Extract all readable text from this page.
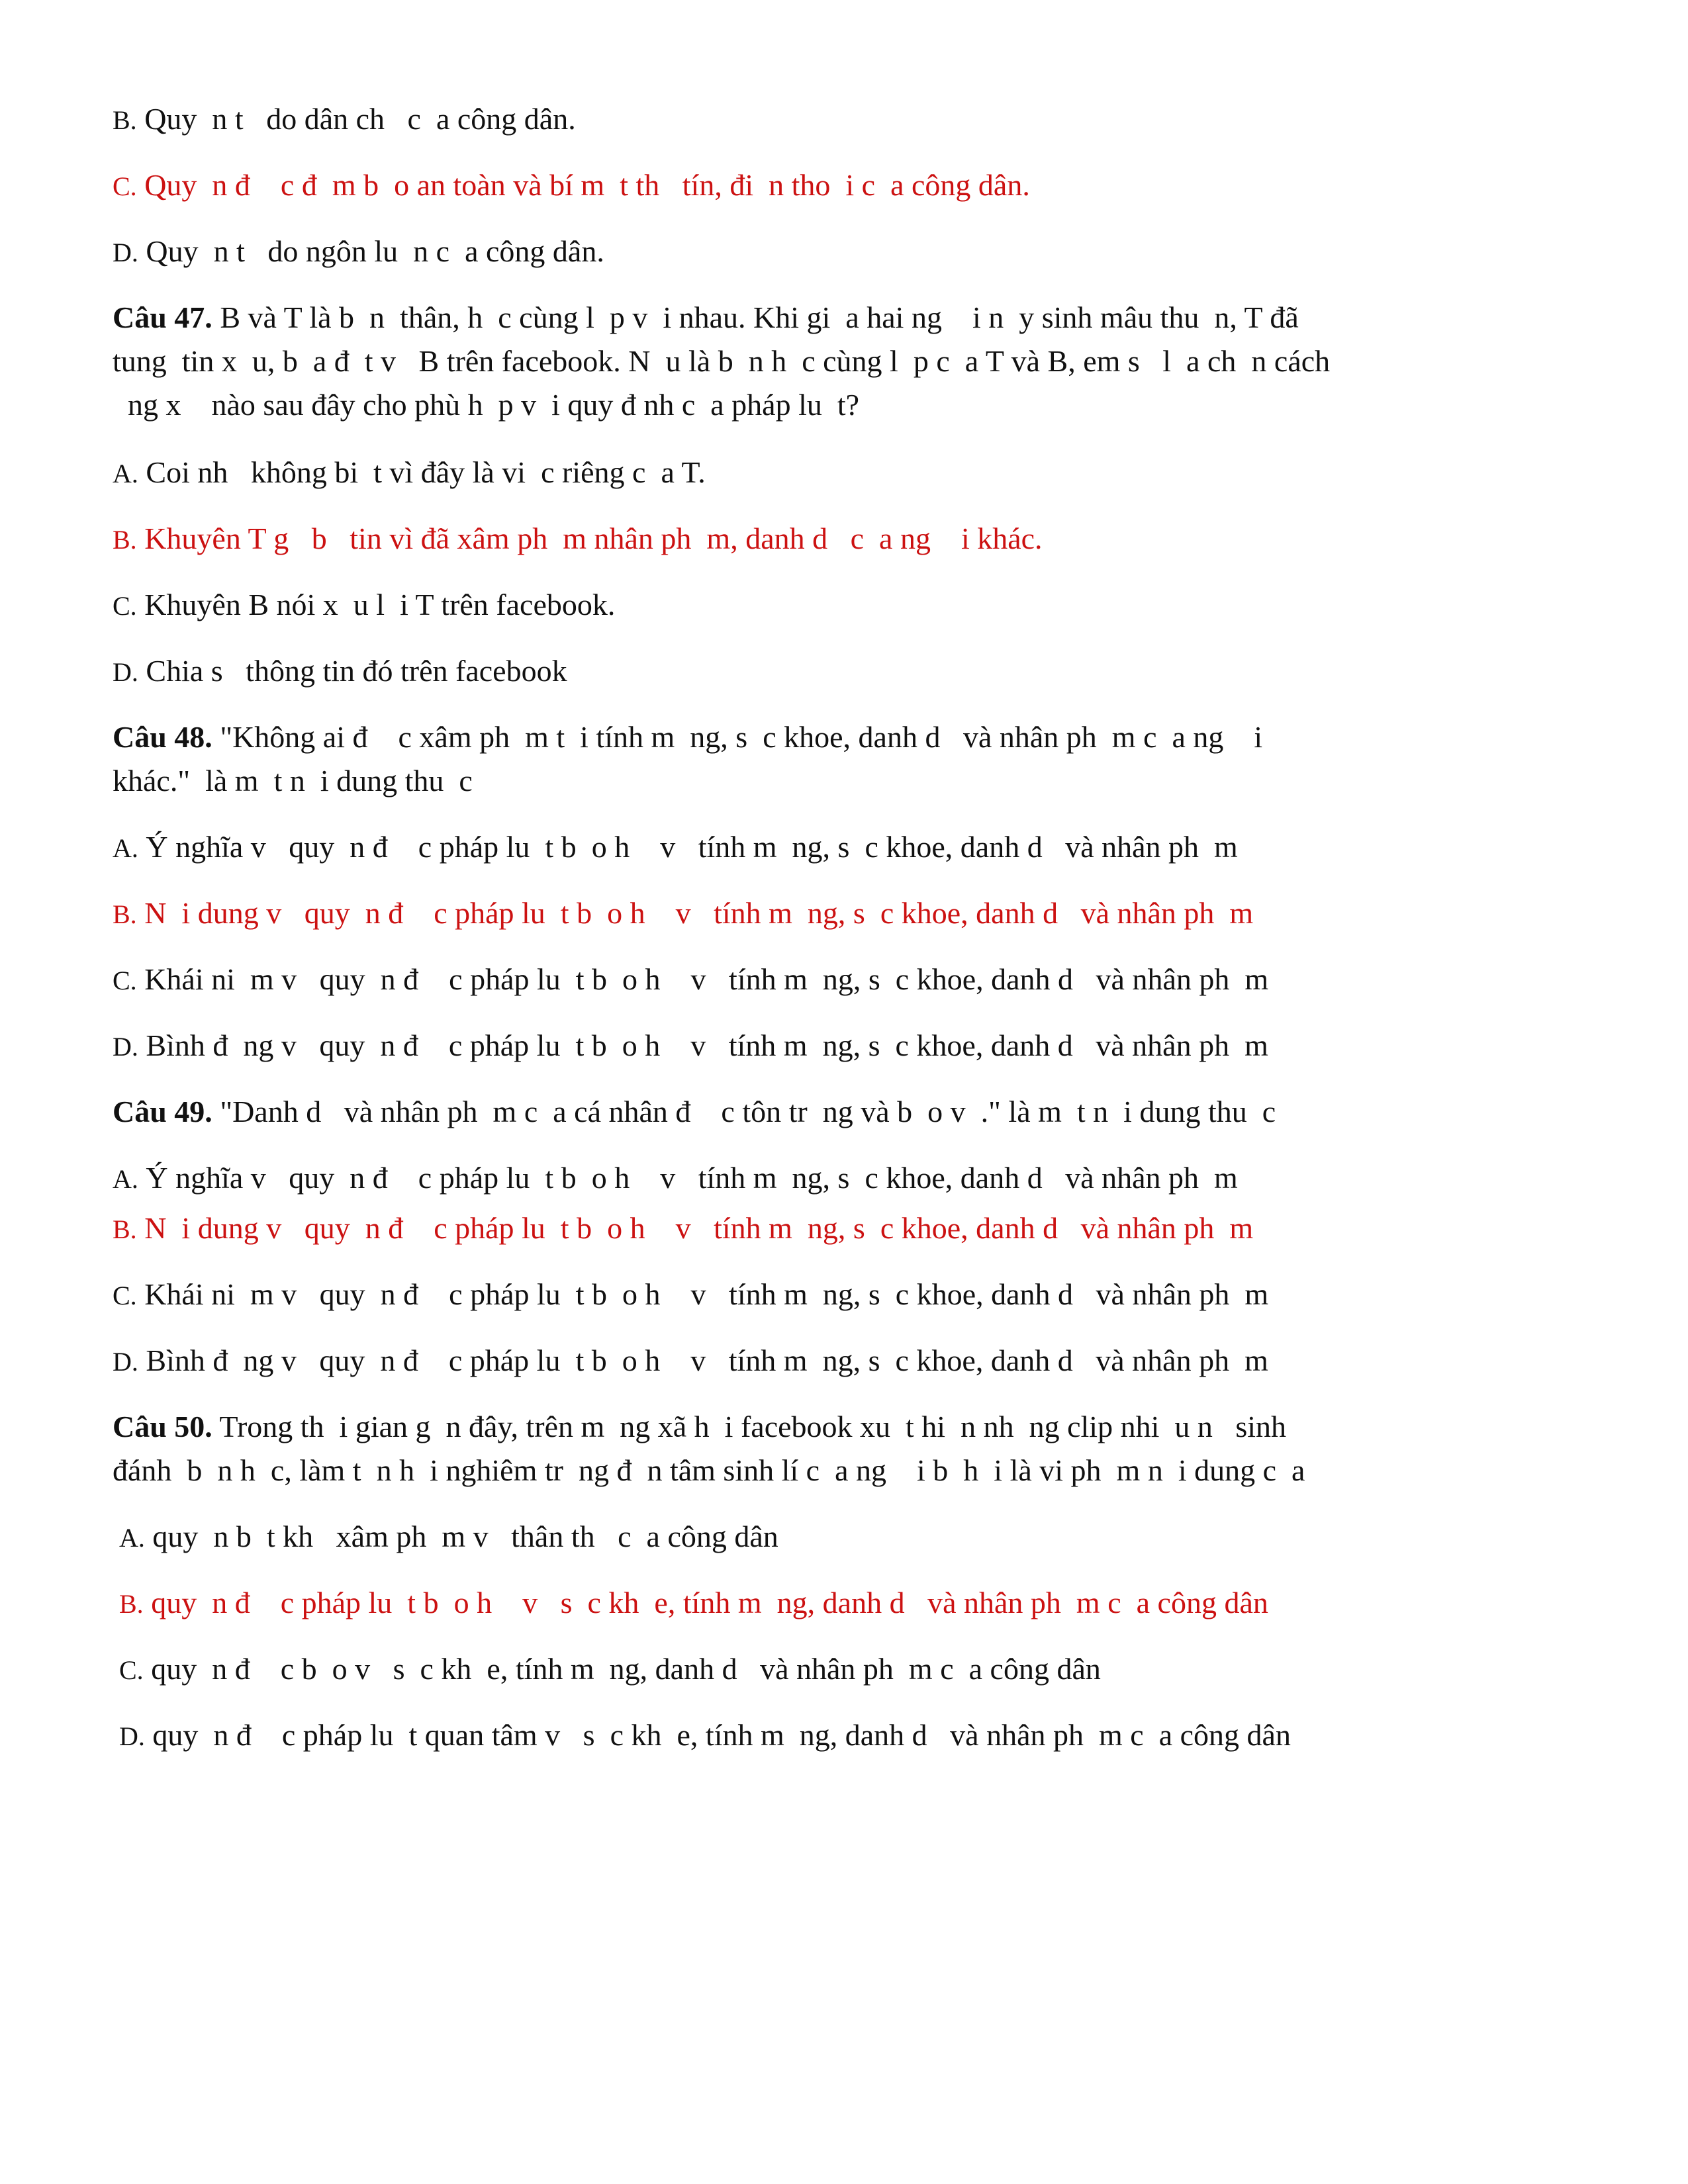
B. Quy  n t   do dân ch   c  a công dân.
C. Quy  n đ    c đ  m b  o an toàn và bí m  t th   tín, đi  n tho  i c  a công dân.
D. Quy  n t   do ngôn lu  n c  a công dân.
Câu 47. B và T là b  n  thân, h  c cùng l  p v  i nhau. Khi gi  a hai ng    i n  y sinh mâu thu  n, T đã
tung  tin x  u, b  a đ  t v   B trên facebook. N  u là b  n h  c cùng l  p c  a T và B, em s   l  a ch  n cách
ng x    nào sau đây cho phù h  p v  i quy đ nh c  a pháp lu  t?
A. Coi nh   không bi  t vì đây là vi  c riêng c  a T.
B. Khuyên T g   b   tin vì đã xâm ph  m nhân ph  m, danh d   c  a ng    i khác.
C. Khuyên B nói x  u l  i T trên facebook.
D. Chia s   thông tin đó trên facebook
Câu 48. "Không ai đ    c xâm ph  m t  i tính m  ng, s  c khoe, danh d   và nhân ph  m c  a ng    i
khác."  là m  t n  i dung thu  c
A. Ý nghĩa v   quy  n đ    c pháp lu  t b  o h    v   tính m  ng, s  c khoe, danh d   và nhân ph  m
B. N  i dung v   quy  n đ    c pháp lu  t b  o h    v   tính m  ng, s  c khoe, danh d   và nhân ph  m
C. Khái ni  m v   quy  n đ    c pháp lu  t b  o h    v   tính m  ng, s  c khoe, danh d   và nhân ph  m
D. Bình đ  ng v   quy  n đ    c pháp lu  t b  o h    v   tính m  ng, s  c khoe, danh d   và nhân ph  m
Câu 49. "Danh d   và nhân ph  m c  a cá nhân đ    c tôn tr  ng và b  o v  ." là m  t n  i dung thu  c
A. Ý nghĩa v   quy  n đ    c pháp lu  t b  o h    v   tính m  ng, s  c khoe, danh d   và nhân ph  m
B. N  i dung v   quy  n đ    c pháp lu  t b  o h    v   tính m  ng, s  c khoe, danh d   và nhân ph  m
C. Khái ni  m v   quy  n đ    c pháp lu  t b  o h    v   tính m  ng, s  c khoe, danh d   và nhân ph  m
D. Bình đ  ng v   quy  n đ    c pháp lu  t b  o h    v   tính m  ng, s  c khoe, danh d   và nhân ph  m
Câu 50. Trong th  i gian g  n đây, trên m  ng xã h  i facebook xu  t hi  n nh  ng clip nhi  u n   sinh
đánh  b  n h  c, làm t  n h  i nghiêm tr  ng đ  n tâm sinh lí c  a ng    i b  h  i là vi ph  m n  i dung c  a
A. quy  n b  t kh   xâm ph  m v   thân th   c  a công dân
B. quy  n đ    c pháp lu  t b  o h    v   s  c kh  e, tính m  ng, danh d   và nhân ph  m c  a công dân
C. quy  n đ    c b  o v   s  c kh  e, tính m  ng, danh d   và nhân ph  m c  a công dân
D. quy  n đ    c pháp lu  t quan tâm v   s  c kh  e, tính m  ng, danh d   và nhân ph  m c  a công dân
